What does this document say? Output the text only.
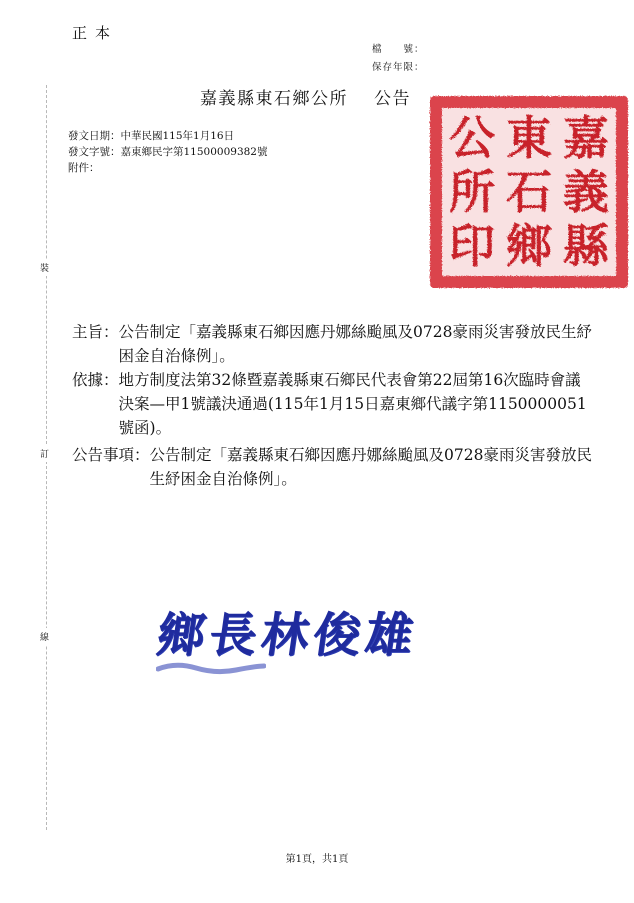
正本
檔　　號：
保存年限：
嘉義縣東石鄉公所 公告
發文日期：中華民國115年1月16日
發文字號：嘉東鄉民字第11500009382號
附件：
裝
訂
線
嘉
義
縣
東
石
鄉
公
所
印
主旨： 公告制定「嘉義縣東石鄉因應丹娜絲颱風及0728豪雨災害發放民生紓困金自治條例」。
依據： 地方制度法第32條暨嘉義縣東石鄉民代表會第22屆第16次臨時會議決案—甲1號議決通過(115年1月15日嘉東鄉代議字第1150000051號函)。
公告事項： 公告制定「嘉義縣東石鄉因應丹娜絲颱風及0728豪雨災害發放民生紓困金自治條例」。
鄉長林俊雄
第1頁，共1頁
